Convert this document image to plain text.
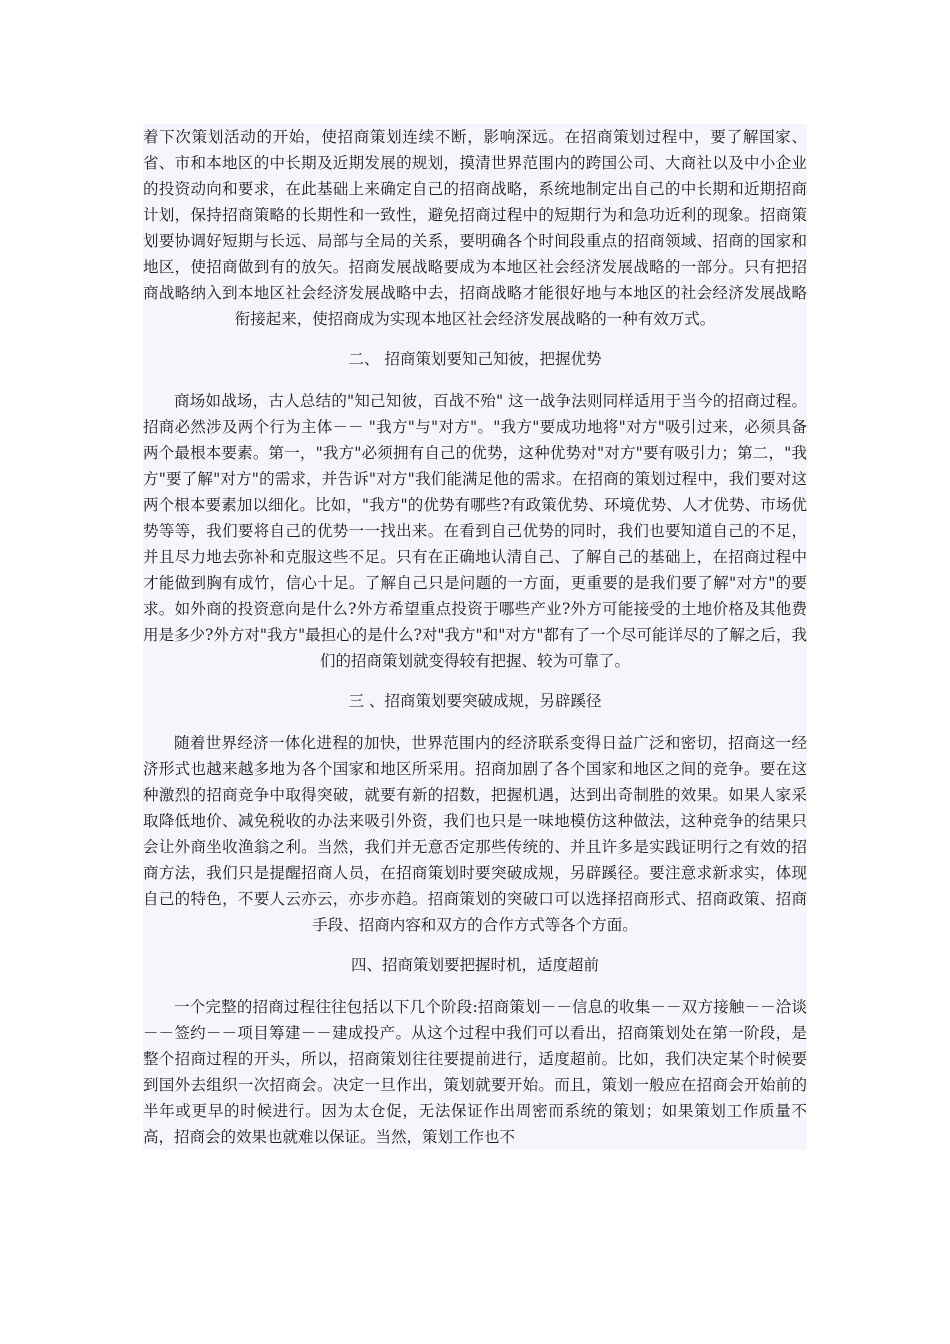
着下次策划活动的开始，使招商策划连续不断，影响深远。在招商策划过程中，要了解国家、省、市和本地区的中长期及近期发展的规划，摸清世界范围内的跨国公司、大商社以及中小企业的投资动向和要求，在此基础上来确定自己的招商战略，系统地制定出自己的中长期和近期招商计划，保持招商策略的长期性和一致性，避免招商过程中的短期行为和急功近利的现象。招商策划要协调好短期与长远、局部与全局的关系，要明确各个时间段重点的招商领域、招商的国家和地区，使招商做到有的放矢。招商发展战略要成为本地区社会经济发展战略的一部分。只有把招商战略纳入到本地区社会经济发展战略中去，招商战略才能很好地与本地区的社会经济发展战略衔接起来，使招商成为实现本地区社会经济发展战略的一种有效万式。

二、 招商策划要知己知彼，把握优势

商场如战场，古人总结的"知己知彼，百战不殆" 这一战争法则同样适用于当今的招商过程。招商必然涉及两个行为主体－－ "我方"与"对方"。"我方"要成功地将"对方"吸引过来，必须具备两个最根本要素。第一，"我方"必须拥有自己的优势，这种优势对"对方"要有吸引力；第二，"我方"要了解"对方"的需求，并告诉"对方"我们能满足他的需求。在招商的策划过程中，我们要对这两个根本要素加以细化。比如，"我方"的优势有哪些?有政策优势、环境优势、人才优势、市场优势等等，我们要将自己的优势一一找出来。在看到自己优势的同时，我们也要知道自己的不足，并且尽力地去弥补和克服这些不足。只有在正确地认清自己、了解自己的基础上，在招商过程中才能做到胸有成竹，信心十足。了解自己只是问题的一方面，更重要的是我们要了解"对方"的要求。如外商的投资意向是什么?外方希望重点投资于哪些产业?外方可能接受的土地价格及其他费用是多少?外方对"我方"最担心的是什么?对"我方"和"对方"都有了一个尽可能详尽的了解之后，我们的招商策划就变得较有把握、较为可靠了。

三 、招商策划要突破成规，另辟蹊径

随着世界经济一体化进程的加快，世界范围内的经济联系变得日益广泛和密切，招商这一经济形式也越来越多地为各个国家和地区所采用。招商加剧了各个国家和地区之间的竞争。要在这种激烈的招商竞争中取得突破，就要有新的招数，把握机遇，达到出奇制胜的效果。如果人家采取降低地价、减免税收的办法来吸引外资，我们也只是一味地模仿这种做法，这种竞争的结果只会让外商坐收渔翁之利。当然，我们并无意否定那些传统的、并且许多是实践证明行之有效的招商方法，我们只是提醒招商人员，在招商策划时要突破成规，另辟蹊径。要注意求新求实，体现自己的特色，不要人云亦云，亦步亦趋。招商策划的突破口可以选择招商形式、招商政策、招商手段、招商内容和双方的合作方式等各个方面。

四、招商策划要把握时机，适度超前

一个完整的招商过程往往包括以下几个阶段:招商策划－－信息的收集－－双方接触－－洽谈－－签约－－项目筹建－－建成投产。从这个过程中我们可以看出，招商策划处在第一阶段，是整个招商过程的开头，所以，招商策划往往要提前进行，适度超前。比如，我们决定某个时候要到国外去组织一次招商会。决定一旦作出，策划就要开始。而且，策划一般应在招商会开始前的半年或更早的时候进行。因为太仓促，无法保证作出周密而系统的策划；如果策划工作质量不高，招商会的效果也就难以保证。当然，策划工作也不
